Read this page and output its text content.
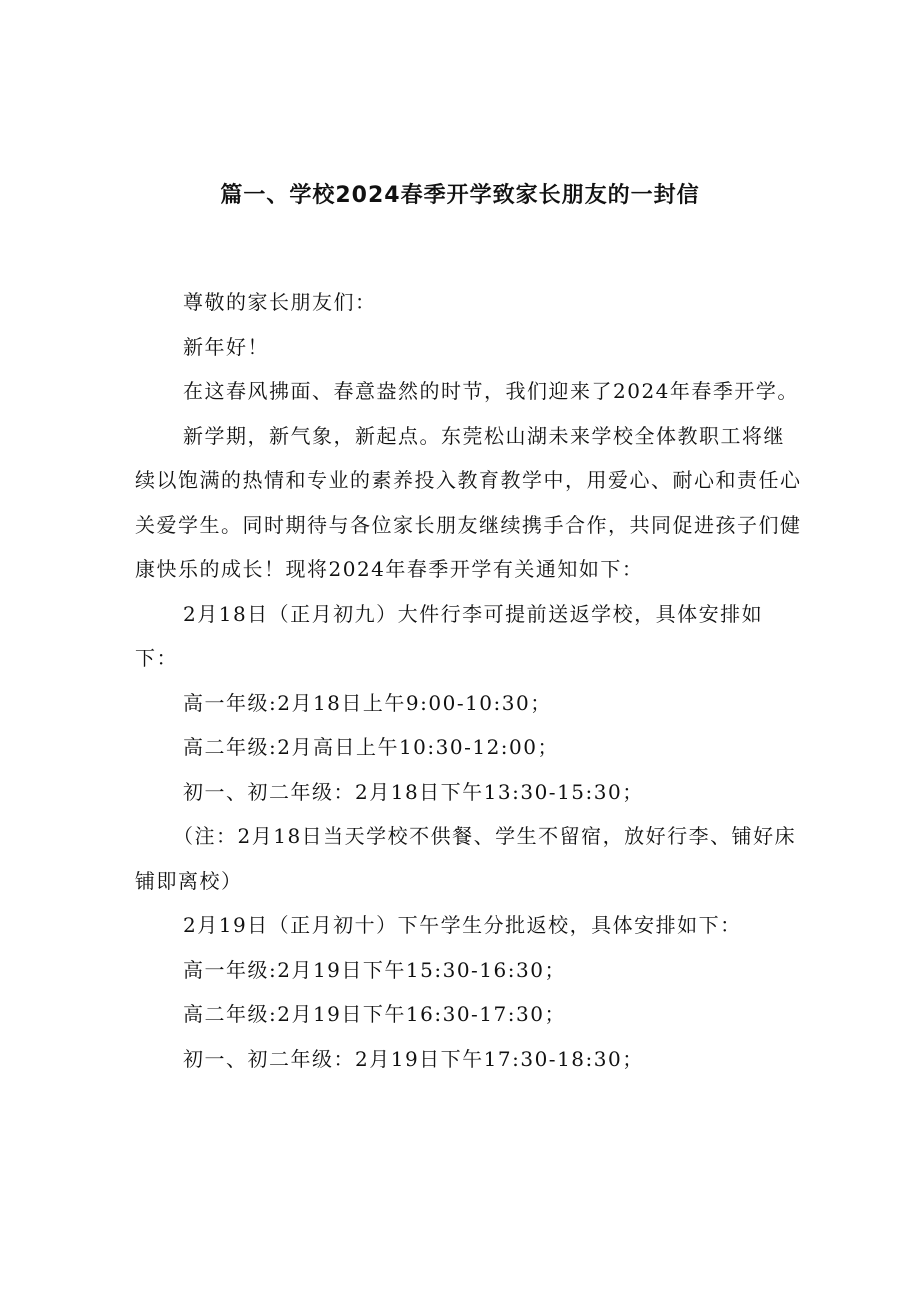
篇一、学校2024春季开学致家长朋友的一封信

尊敬的家长朋友们：

新年好！

在这春风拂面、春意盎然的时节，我们迎来了2024年春季开学。

新学期，新气象，新起点。东莞松山湖未来学校全体教职工将继续以饱满的热情和专业的素养投入教育教学中，用爱心、耐心和责任心关爱学生。同时期待与各位家长朋友继续携手合作，共同促进孩子们健康快乐的成长！现将2024年春季开学有关通知如下：

2月18日（正月初九）大件行李可提前送返学校，具体安排如下：

高一年级:2月18日上午9:00-10:30；

高二年级:2月高日上午10:30-12:00；

初一、初二年级：2月18日下午13:30-15:30；

（注：2月18日当天学校不供餐、学生不留宿，放好行李、铺好床铺即离校）

2月19日（正月初十）下午学生分批返校，具体安排如下：

高一年级:2月19日下午15:30-16:30；

高二年级:2月19日下午16:30-17:30；

初一、初二年级：2月19日下午17:30-18:30；
